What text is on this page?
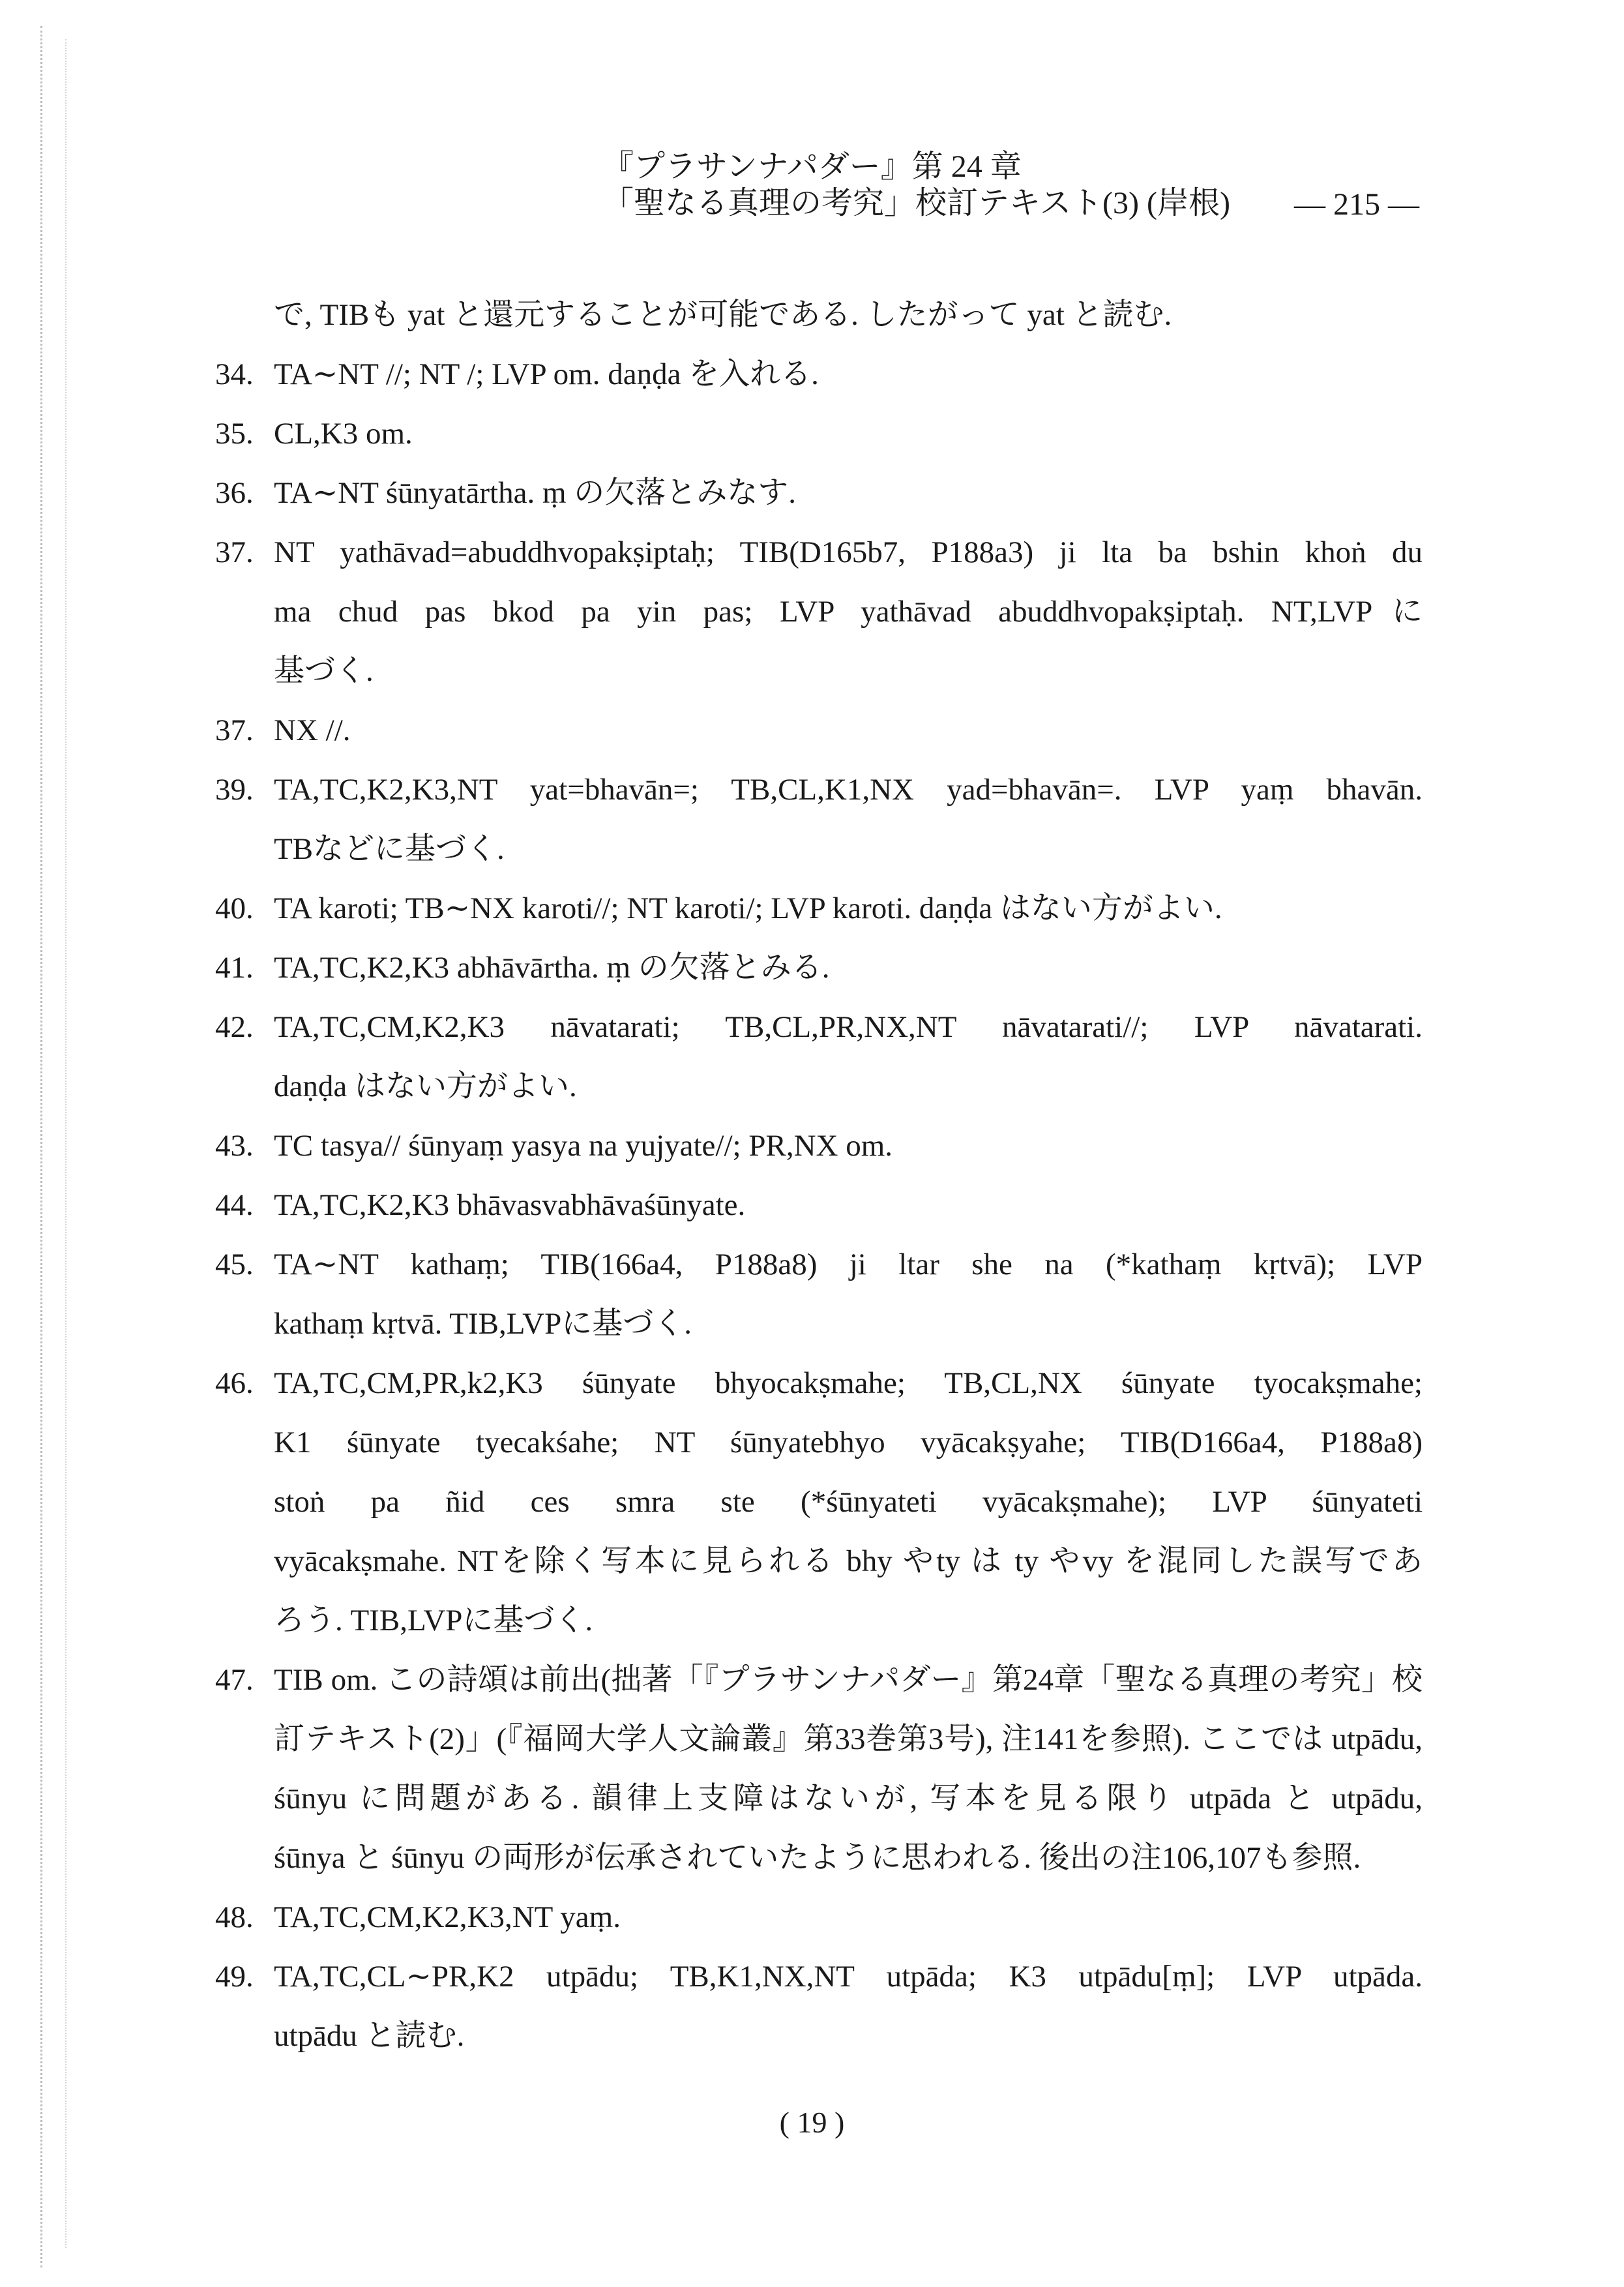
『プラサンナパダー』第 24 章
「聖なる真理の考究」校訂テキスト(3) (岸根) — 215 —
で, TIBも yat と還元することが可能である. したがって yat と読む.
34. TA∼NT //; NT /; LVP om. daṇḍa を入れる.
35. CL,K3 om.
36. TA∼NT śūnyatārtha. ṃ の欠落とみなす.
37. NT yathāvad=abuddhvopakṣiptaḥ; TIB(D165b7, P188a3) ji lta ba bshin khoṅ du
ma chud pas bkod pa yin pas; LVP yathāvad abuddhvopakṣiptaḥ. NT,LVPに
基づく.
37. NX //.
39. TA,TC,K2,K3,NT yat=bhavān=; TB,CL,K1,NX yad=bhavān=. LVP yaṃ bhavān.
TBなどに基づく.
40. TA karoti; TB∼NX karoti//; NT karoti/; LVP karoti. daṇḍa はない方がよい.
41. TA,TC,K2,K3 abhāvārtha. ṃ の欠落とみる.
42. TA,TC,CM,K2,K3 nāvatarati; TB,CL,PR,NX,NT nāvatarati//; LVP nāvatarati.
daṇḍa はない方がよい.
43. TC tasya// śūnyaṃ yasya na yujyate//; PR,NX om.
44. TA,TC,K2,K3 bhāvasvabhāvaśūnyate.
45. TA∼NT kathaṃ; TIB(166a4, P188a8) ji ltar she na (*kathaṃ kṛtvā); LVP
kathaṃ kṛtvā. TIB,LVPに基づく.
46. TA,TC,CM,PR,k2,K3 śūnyate bhyocakṣmahe; TB,CL,NX śūnyate tyocakṣmahe;
K1 śūnyate tyecakśahe; NT śūnyatebhyo vyācakṣyahe; TIB(D166a4, P188a8)
stoṅ pa ñid ces smra ste (*śūnyateti vyācakṣmahe); LVP śūnyateti
vyācakṣmahe. NTを除く写本に見られる bhy やty は ty やvy を混同した誤写であ
ろう. TIB,LVPに基づく.
47. TIB om. この詩頌は前出(拙著「『プラサンナパダー』第24章「聖なる真理の考究」校
訂テキスト(2)」(『福岡大学人文論叢』第33巻第3号), 注141を参照). ここでは utpādu,
śūnyu に問題がある. 韻律上支障はないが, 写本を見る限り utpāda と utpādu,
śūnya と śūnyu の両形が伝承されていたように思われる. 後出の注106,107も参照.
48. TA,TC,CM,K2,K3,NT yaṃ.
49. TA,TC,CL∼PR,K2 utpādu; TB,K1,NX,NT utpāda; K3 utpādu[ṃ]; LVP utpāda.
utpādu と読む.
( 19 )
